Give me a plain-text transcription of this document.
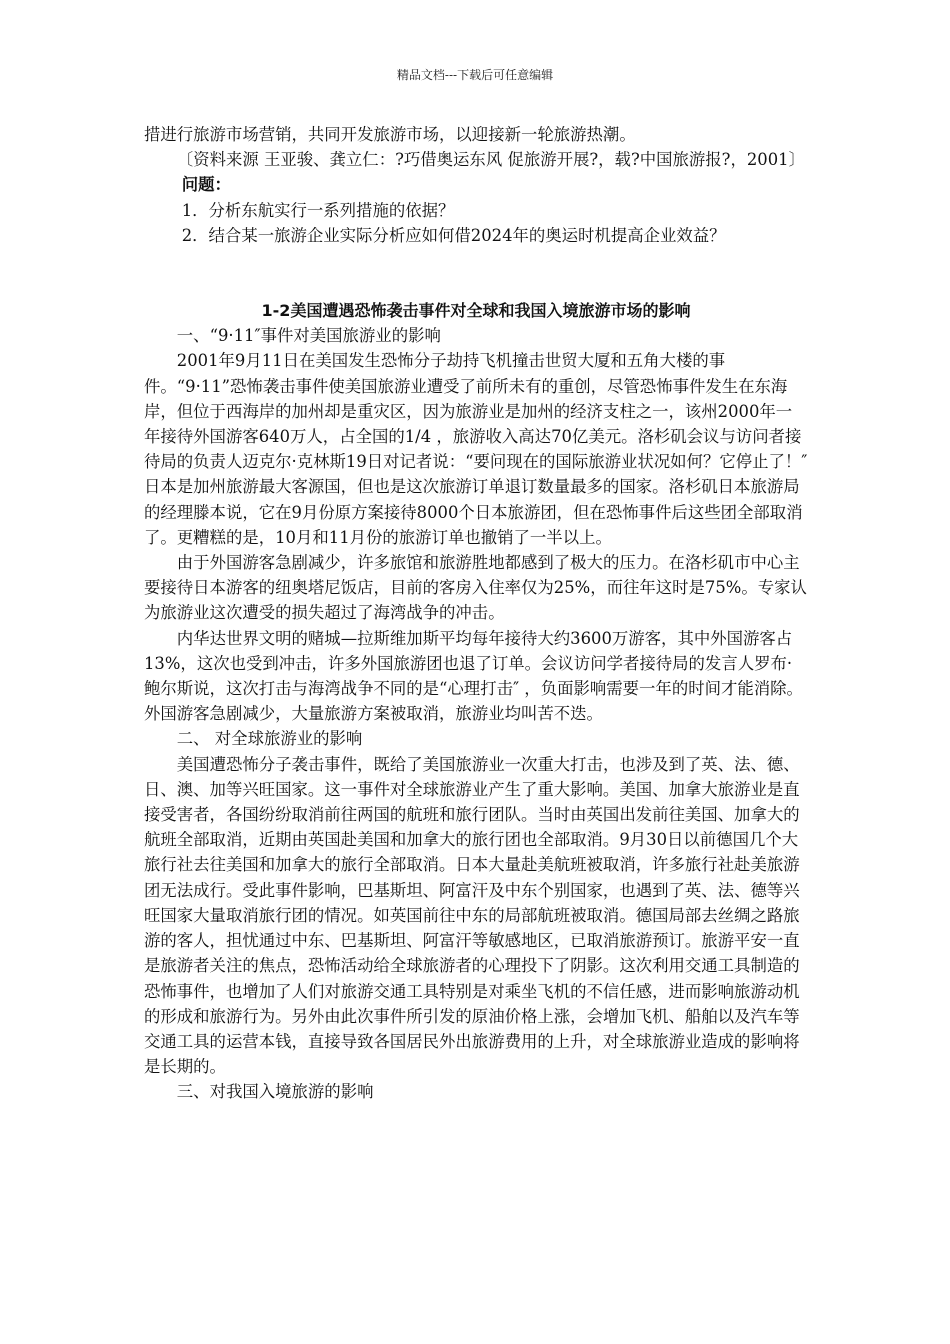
精品文档---下载后可任意编辑

措进行旅游市场营销，共同开发旅游市场，以迎接新一轮旅游热潮。

〔资料来源 王亚骏、龚立仁：?巧借奥运东风 促旅游开展?，载?中国旅游报?，2001〕

问题：

1．分析东航实行一系列措施的依据？

2．结合某一旅游企业实际分析应如何借2024年的奥运时机提高企业效益？

1-2美国遭遇恐怖袭击事件对全球和我国入境旅游市场的影响

一、“9·11″事件对美国旅游业的影响

2001年9月11日在美国发生恐怖分子劫持飞机撞击世贸大厦和五角大楼的事件。“9·11”恐怖袭击事件使美国旅游业遭受了前所未有的重创，尽管恐怖事件发生在东海岸，但位于西海岸的加州却是重灾区，因为旅游业是加州的经济支柱之一，该州2000年一年接待外国游客640万人，占全国的1/4 ，旅游收入高达70亿美元。洛杉矶会议与访问者接待局的负责人迈克尔·克林斯19日对记者说：“要问现在的国际旅游业状况如何？它停止了！″ 日本是加州旅游最大客源国，但也是这次旅游订单退订数量最多的国家。洛杉矶日本旅游局的经理滕本说，它在9月份原方案接待8000个日本旅游团，但在恐怖事件后这些团全部取消了。更糟糕的是，10月和11月份的旅游订单也撤销了一半以上。

由于外国游客急剧减少，许多旅馆和旅游胜地都感到了极大的压力。在洛杉矶市中心主要接待日本游客的纽奥塔尼饭店，目前的客房入住率仅为25%，而往年这时是75%。专家认为旅游业这次遭受的损失超过了海湾战争的冲击。

内华达世界文明的赌城—拉斯维加斯平均每年接待大约3600万游客，其中外国游客占13%，这次也受到冲击，许多外国旅游团也退了订单。会议访问学者接待局的发言人罗布·鲍尔斯说，这次打击与海湾战争不同的是“心理打击″ ，负面影响需要一年的时间才能消除。外国游客急剧减少，大量旅游方案被取消，旅游业均叫苦不迭。

二、 对全球旅游业的影响

美国遭恐怖分子袭击事件，既给了美国旅游业一次重大打击，也涉及到了英、法、德、日、澳、加等兴旺国家。这一事件对全球旅游业产生了重大影响。美国、加拿大旅游业是直接受害者，各国纷纷取消前往两国的航班和旅行团队。当时由英国出发前往美国、加拿大的航班全部取消，近期由英国赴美国和加拿大的旅行团也全部取消。9月30日以前德国几个大旅行社去往美国和加拿大的旅行全部取消。日本大量赴美航班被取消，许多旅行社赴美旅游团无法成行。受此事件影响，巴基斯坦、阿富汗及中东个别国家，也遇到了英、法、德等兴旺国家大量取消旅行团的情况。如英国前往中东的局部航班被取消。德国局部去丝绸之路旅游的客人，担忧通过中东、巴基斯坦、阿富汗等敏感地区，已取消旅游预订。旅游平安一直是旅游者关注的焦点，恐怖活动给全球旅游者的心理投下了阴影。这次利用交通工具制造的恐怖事件，也增加了人们对旅游交通工具特别是对乘坐飞机的不信任感，进而影响旅游动机的形成和旅游行为。另外由此次事件所引发的原油价格上涨，会增加飞机、船舶以及汽车等交通工具的运营本钱，直接导致各国居民外出旅游费用的上升，对全球旅游业造成的影响将是长期的。

三、对我国入境旅游的影响
